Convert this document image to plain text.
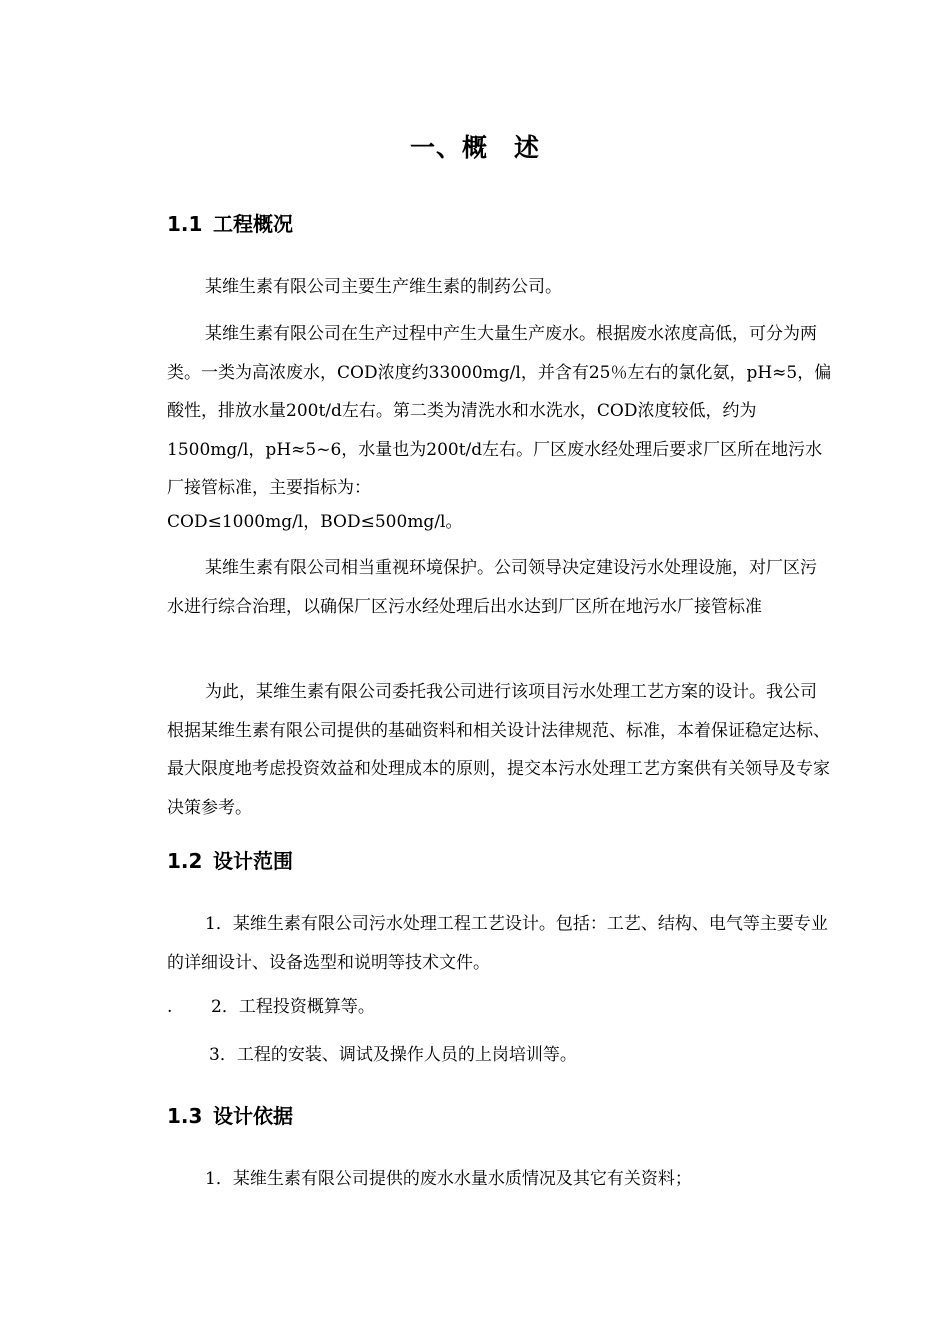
一、概　述
1.1 工程概况

某维生素有限公司主要生产维生素的制药公司。

某维生素有限公司在生产过程中产生大量生产废水。根据废水浓度高低，可分为两类。一类为高浓废水，COD浓度约33000mg/l，并含有25％左右的氯化氨，pH≈5，偏酸性，排放水量200t/d左右。第二类为清洗水和水洗水，COD浓度较低，约为1500mg/l，pH≈5~6，水量也为200t/d左右。厂区废水经处理后要求厂区所在地污水厂接管标准，主要指标为：

COD≤1000mg/l，BOD≤500mg/l。

某维生素有限公司相当重视环境保护。公司领导决定建设污水处理设施，对厂区污水进行综合治理，以确保厂区污水经处理后出水达到厂区所在地污水厂接管标准

为此，某维生素有限公司委托我公司进行该项目污水处理工艺方案的设计。我公司根据某维生素有限公司提供的基础资料和相关设计法律规范、标准，本着保证稳定达标、最大限度地考虑投资效益和处理成本的原则，提交本污水处理工艺方案供有关领导及专家决策参考。

1.2 设计范围

1．某维生素有限公司污水处理工程工艺设计。包括：工艺、结构、电气等主要专业的详细设计、设备选型和说明等技术文件。

. 2．工程投资概算等。

3．工程的安装、调试及操作人员的上岗培训等。

1.3 设计依据

1．某维生素有限公司提供的废水水量水质情况及其它有关资料；
